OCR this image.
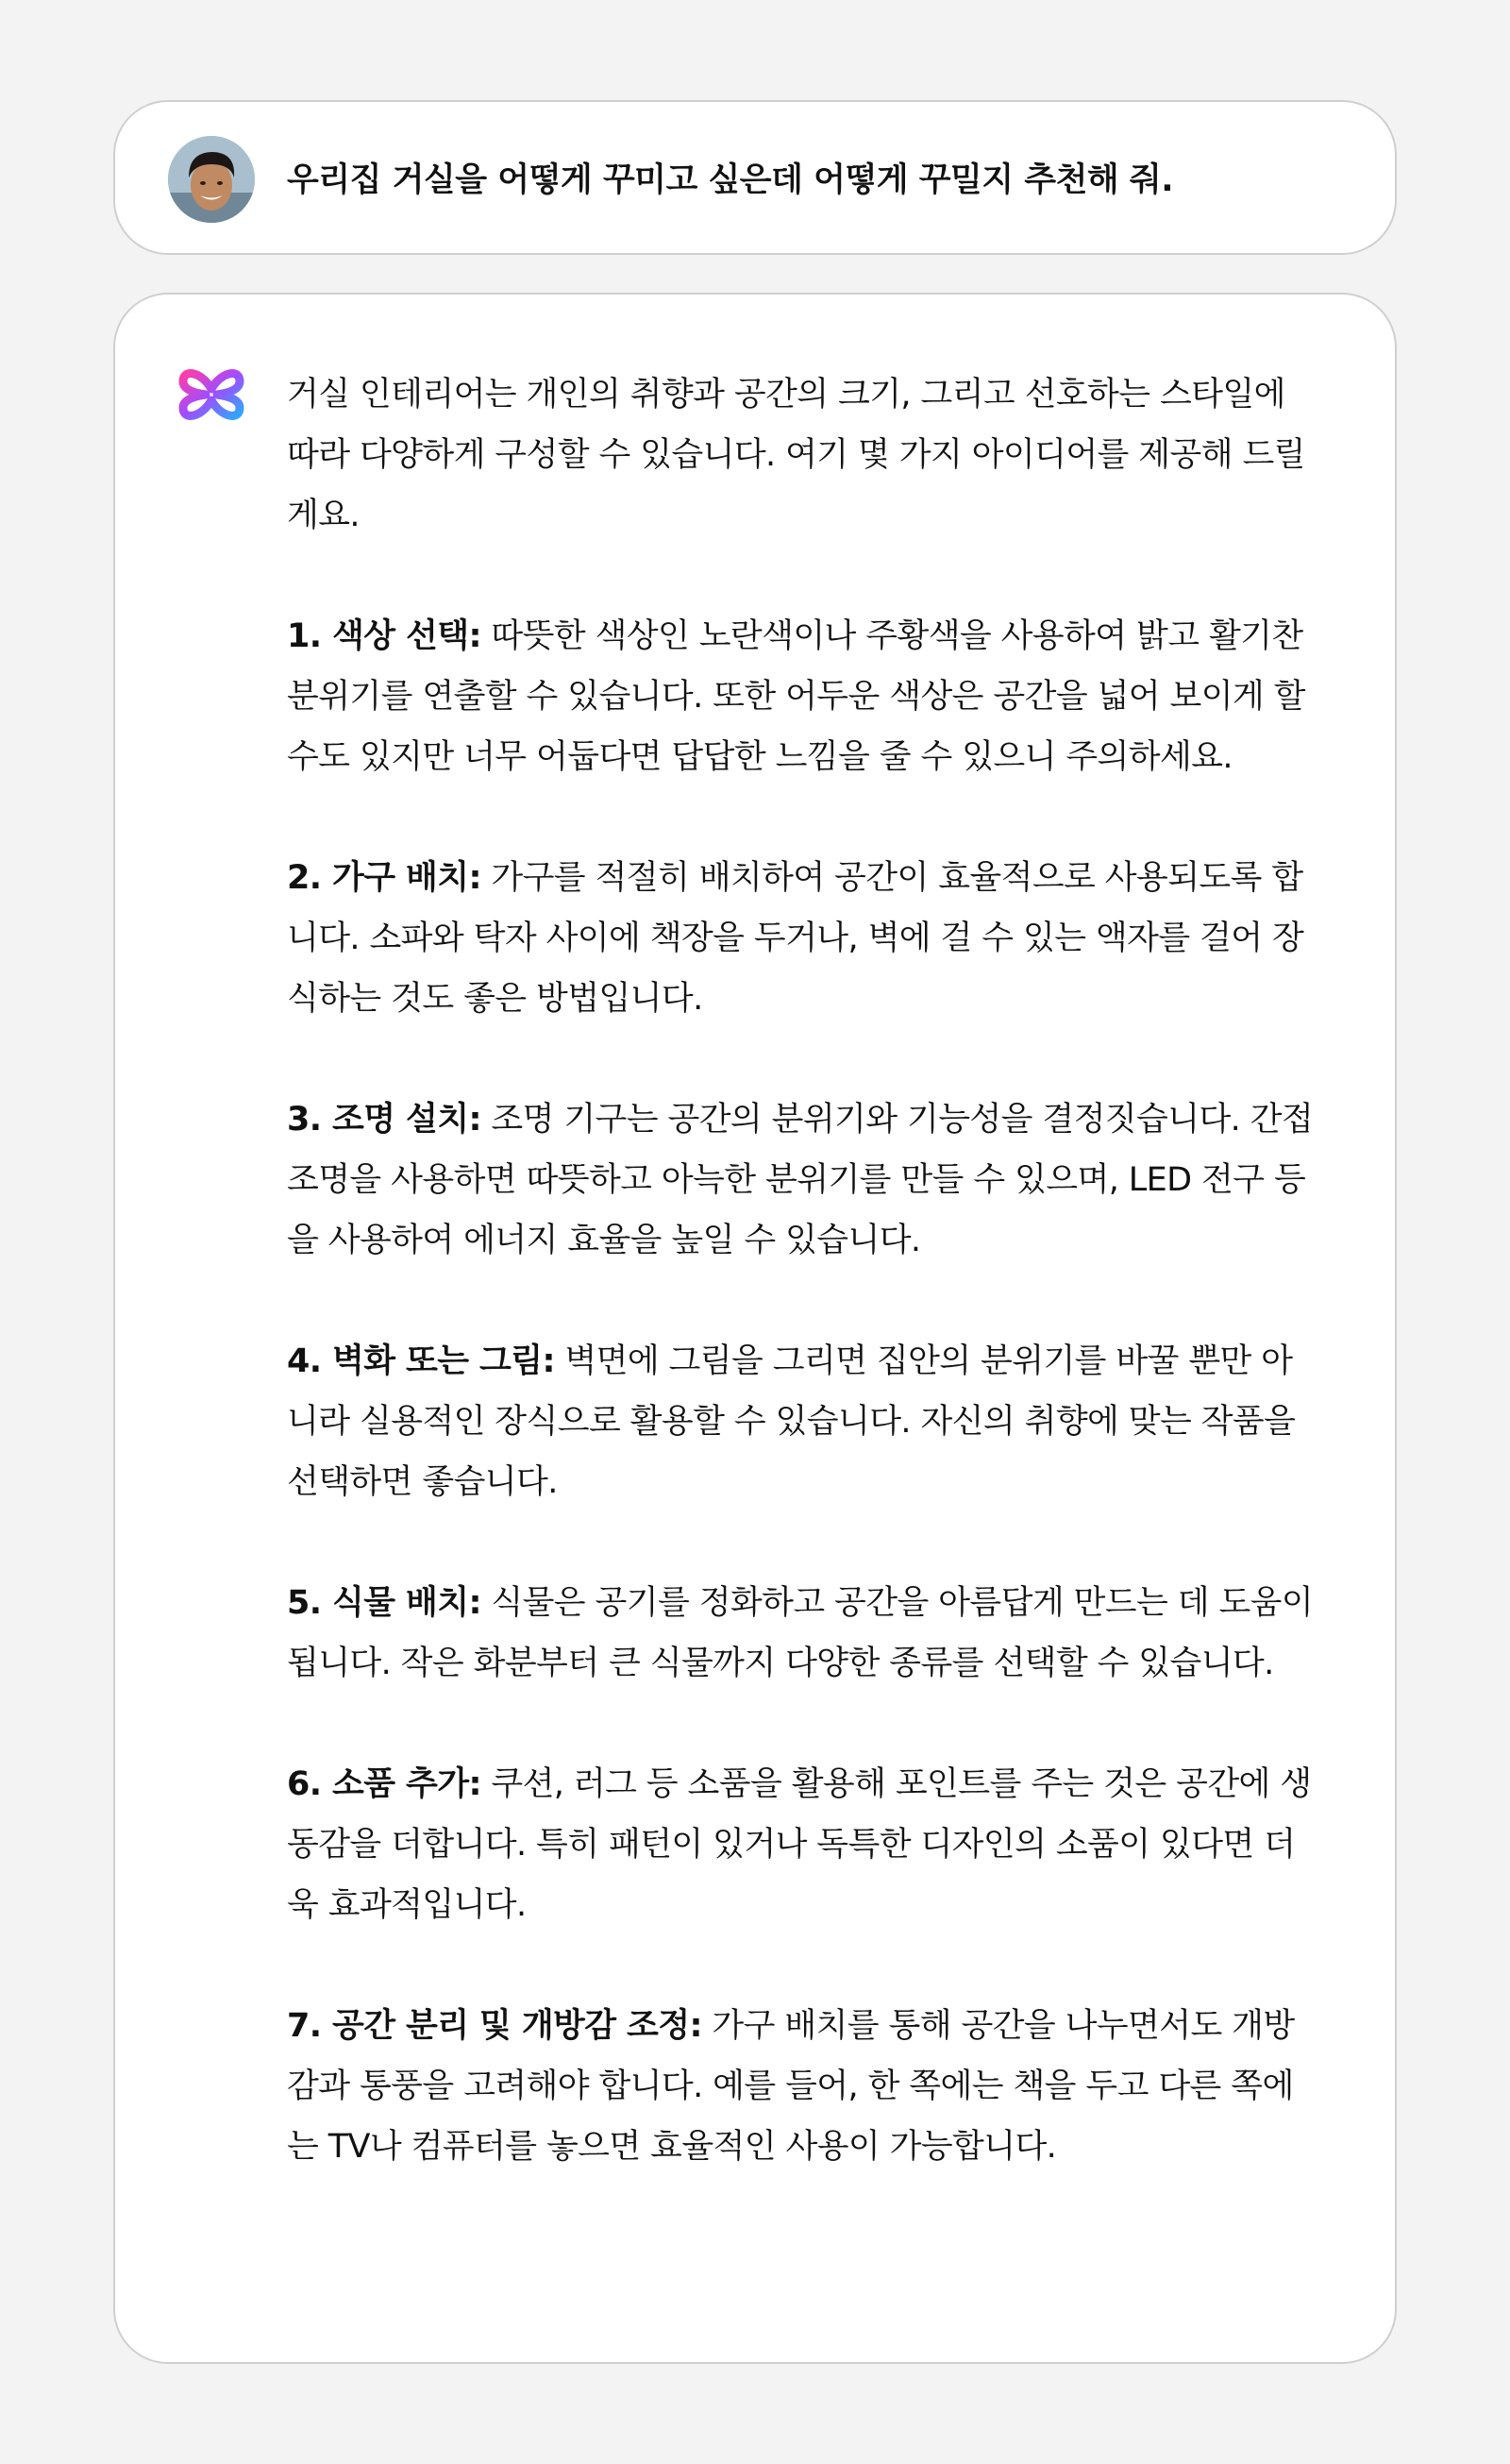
우리집 거실을 어떻게 꾸미고 싶은데 어떻게 꾸밀지 추천해 줘.

거실 인테리어는 개인의 취향과 공간의 크기, 그리고 선호하는 스타일에 따라 다양하게 구성할 수 있습니다. 여기 몇 가지 아이디어를 제공해 드릴게요.

1. 색상 선택: 따뜻한 색상인 노란색이나 주황색을 사용하여 밝고 활기찬 분위기를 연출할 수 있습니다. 또한 어두운 색상은 공간을 넓어 보이게 할 수도 있지만 너무 어둡다면 답답한 느낌을 줄 수 있으니 주의하세요.

2. 가구 배치: 가구를 적절히 배치하여 공간이 효율적으로 사용되도록 합니다. 소파와 탁자 사이에 책장을 두거나, 벽에 걸 수 있는 액자를 걸어 장식하는 것도 좋은 방법입니다.

3. 조명 설치: 조명 기구는 공간의 분위기와 기능성을 결정짓습니다. 간접 조명을 사용하면 따뜻하고 아늑한 분위기를 만들 수 있으며, LED 전구 등을 사용하여 에너지 효율을 높일 수 있습니다.

4. 벽화 또는 그림: 벽면에 그림을 그리면 집안의 분위기를 바꿀 뿐만 아니라 실용적인 장식으로 활용할 수 있습니다. 자신의 취향에 맞는 작품을 선택하면 좋습니다.

5. 식물 배치: 식물은 공기를 정화하고 공간을 아름답게 만드는 데 도움이 됩니다. 작은 화분부터 큰 식물까지 다양한 종류를 선택할 수 있습니다.

6. 소품 추가: 쿠션, 러그 등 소품을 활용해 포인트를 주는 것은 공간에 생동감을 더합니다. 특히 패턴이 있거나 독특한 디자인의 소품이 있다면 더욱 효과적입니다.

7. 공간 분리 및 개방감 조정: 가구 배치를 통해 공간을 나누면서도 개방감과 통풍을 고려해야 합니다. 예를 들어, 한 쪽에는 책을 두고 다른 쪽에는 TV나 컴퓨터를 놓으면 효율적인 사용이 가능합니다.
